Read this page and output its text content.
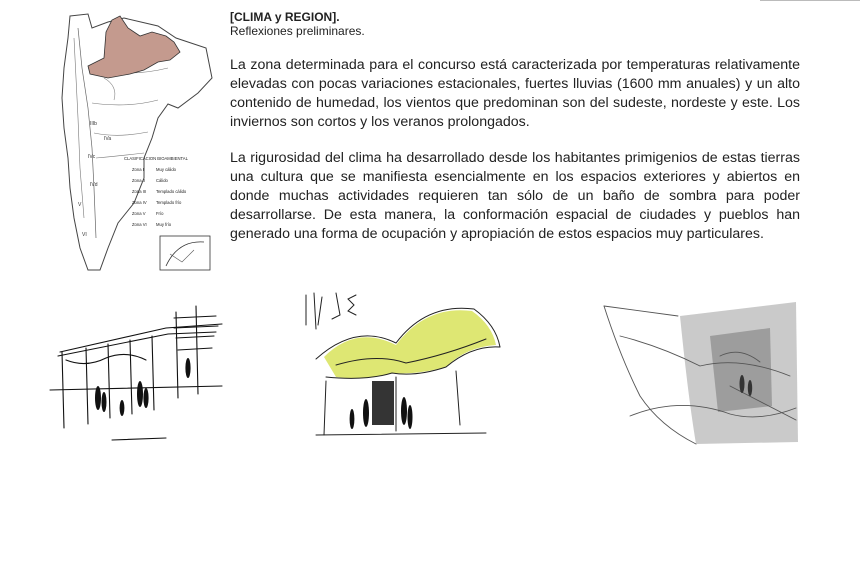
IIIb
IVa
IVc
IVd
V
VI
CLASIFICACION BIOAMBIENTAL
Zona I	Muy cálido
Zona II	Cálido
Zona III Templado cálido
Zona IV Templado frío
Zona V Frío
Zona VI Muy frío
[CLIMA y REGION].
Reflexiones preliminares.

La zona determinada para el concurso está caracterizada por temperaturas relativamente elevadas con pocas variaciones estacionales, fuertes lluvias (1600 mm anuales) y un alto contenido de humedad, los vientos que predominan son del sudeste, nordeste y este. Los inviernos son cortos y los veranos prolongados.

La rigurosidad del clima ha desarrollado desde los habitantes primigenios de estas tierras una cultura que se manifiesta esencialmente en los espacios exteriores y abiertos en donde muchas actividades requieren tan sólo de un baño de sombra para poder desarrollarse. De esta manera, la conformación espacial de ciudades y pueblos han generado una forma de ocupación y apropiación de estos espacios muy particulares.
